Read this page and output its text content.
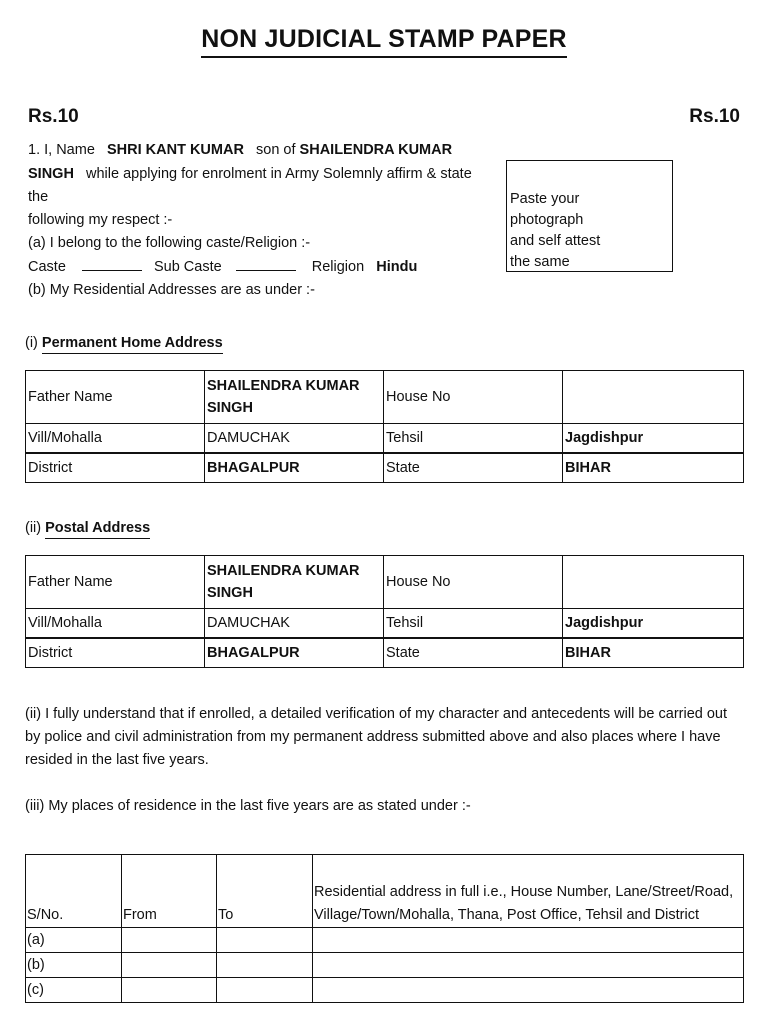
NON JUDICIAL STAMP PAPER
Rs.10	Rs.10
1. I, Name SHRI KANT KUMAR son of SHAILENDRA KUMAR
SINGH while applying for enrolment in Army Solemnly affirm & state
the
following my respect :-
(a) I belong to the following caste/Religion :-
Caste	Sub Caste	Religion Hindu
(b) My Residential Addresses are as under :-
Paste your
photograph
and self attest
the same
(i) Permanent Home Address
Father Name	SHAILENDRA KUMAR SINGH	House No	
Vill/Mohalla	DAMUCHAK	Tehsil	Jagdishpur
District	BHAGALPUR	State	BIHAR
(ii) Postal Address
Father Name	SHAILENDRA KUMAR SINGH	House No	
Vill/Mohalla	DAMUCHAK	Tehsil	Jagdishpur
District	BHAGALPUR	State	BIHAR
(ii) I fully understand that if enrolled, a detailed verification of my character and antecedents will be carried out by police and civil administration from my permanent address submitted above and also places where I have resided in the last five years.
(iii) My places of residence in the last five years are as stated under :-
S/No.	From	To	Residential address in full i.e., House Number, Lane/Street/Road, Village/Town/Mohalla, Thana, Post Office, Tehsil and District
(a)			
(b)			
(c)			
